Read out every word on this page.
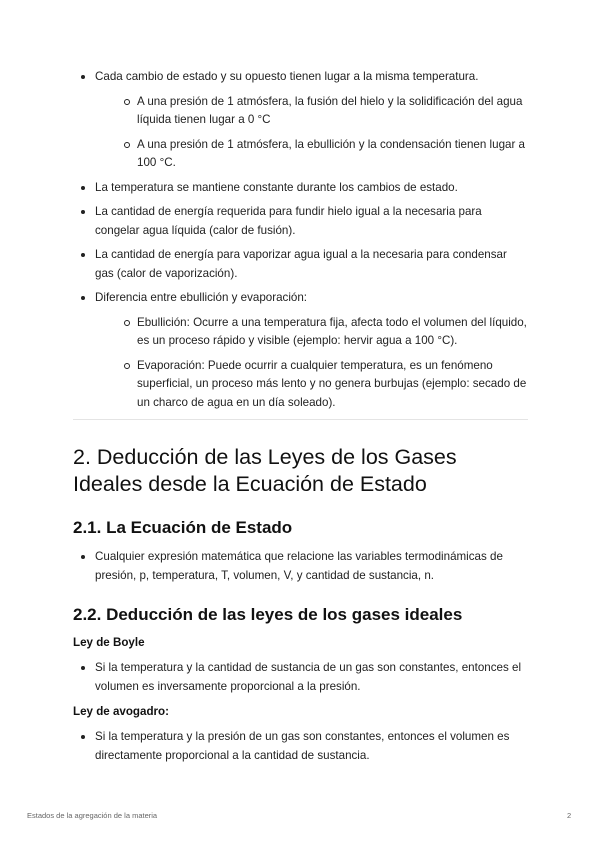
Cada cambio de estado y su opuesto tienen lugar a la misma temperatura.
A una presión de 1 atmósfera, la fusión del hielo y la solidificación del agua líquida tienen lugar a 0 °C
A una presión de 1 atmósfera, la ebullición y la condensación tienen lugar a 100 °C.
La temperatura se mantiene constante durante los cambios de estado.
La cantidad de energía requerida para fundir hielo igual a la necesaria para congelar agua líquida (calor de fusión).
La cantidad de energía para vaporizar agua igual a la necesaria para condensar gas (calor de vaporización).
Diferencia entre ebullición y evaporación:
Ebullición: Ocurre a una temperatura fija, afecta todo el volumen del líquido, es un proceso rápido y visible (ejemplo: hervir agua a 100 °C).
Evaporación: Puede ocurrir a cualquier temperatura, es un fenómeno superficial, un proceso más lento y no genera burbujas (ejemplo: secado de un charco de agua en un día soleado).
2. Deducción de las Leyes de los Gases Ideales desde la Ecuación de Estado
2.1. La Ecuación de Estado
Cualquier expresión matemática que relacione las variables termodinámicas de presión, p, temperatura, T, volumen, V, y cantidad de sustancia, n.
2.2. Deducción de las leyes de los gases ideales
Ley de Boyle
Si la temperatura y la cantidad de sustancia de un gas son constantes, entonces el volumen es inversamente proporcional a la presión.
Ley de avogadro:
Si la temperatura y la presión de un gas son constantes, entonces el volumen es directamente proporcional a la cantidad de sustancia.
Estados de la agregación de la materia	2
